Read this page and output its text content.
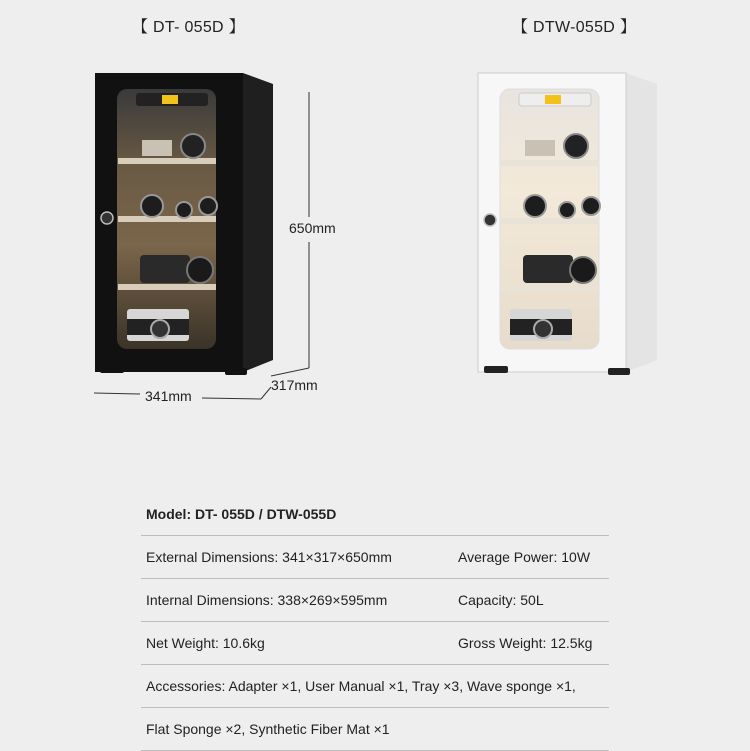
【 DT- 055D 】	【 DTW-055D 】
650mm
317mm
341mm
Model: DT- 055D / DTW-055D
External Dimensions: 341×317×650mm	Average Power: 10W
Internal Dimensions: 338×269×595mm	Capacity: 50L
Net Weight: 10.6kg	Gross Weight: 12.5kg
Accessories: Adapter ×1, User Manual ×1, Tray ×3, Wave sponge ×1,
Flat Sponge ×2, Synthetic Fiber Mat ×1
